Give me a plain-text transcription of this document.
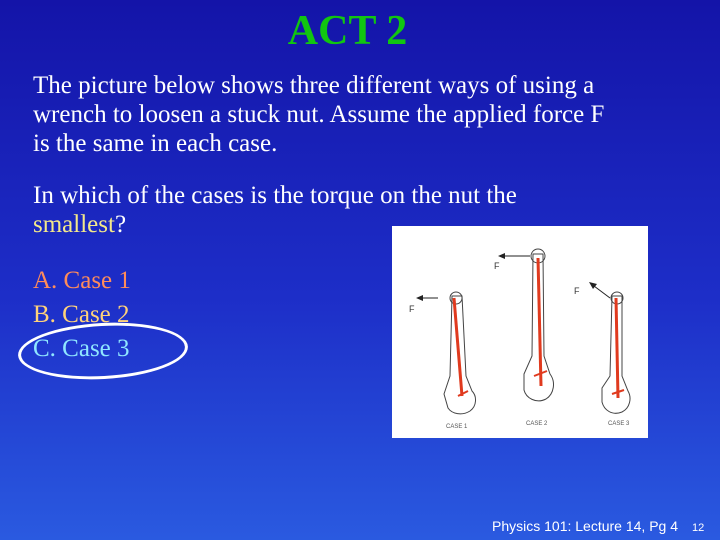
ACT 2
The picture below shows three different ways of using a wrench to loosen a stuck nut. Assume the applied force F is the same in each case.
In which of the cases is the torque on the nut the smallest?
A. Case 1
B. Case 2
C. Case 3
F
F
F
CASE 1	CASE 2	CASE 3
Physics 101: Lecture 14, Pg 4 12
